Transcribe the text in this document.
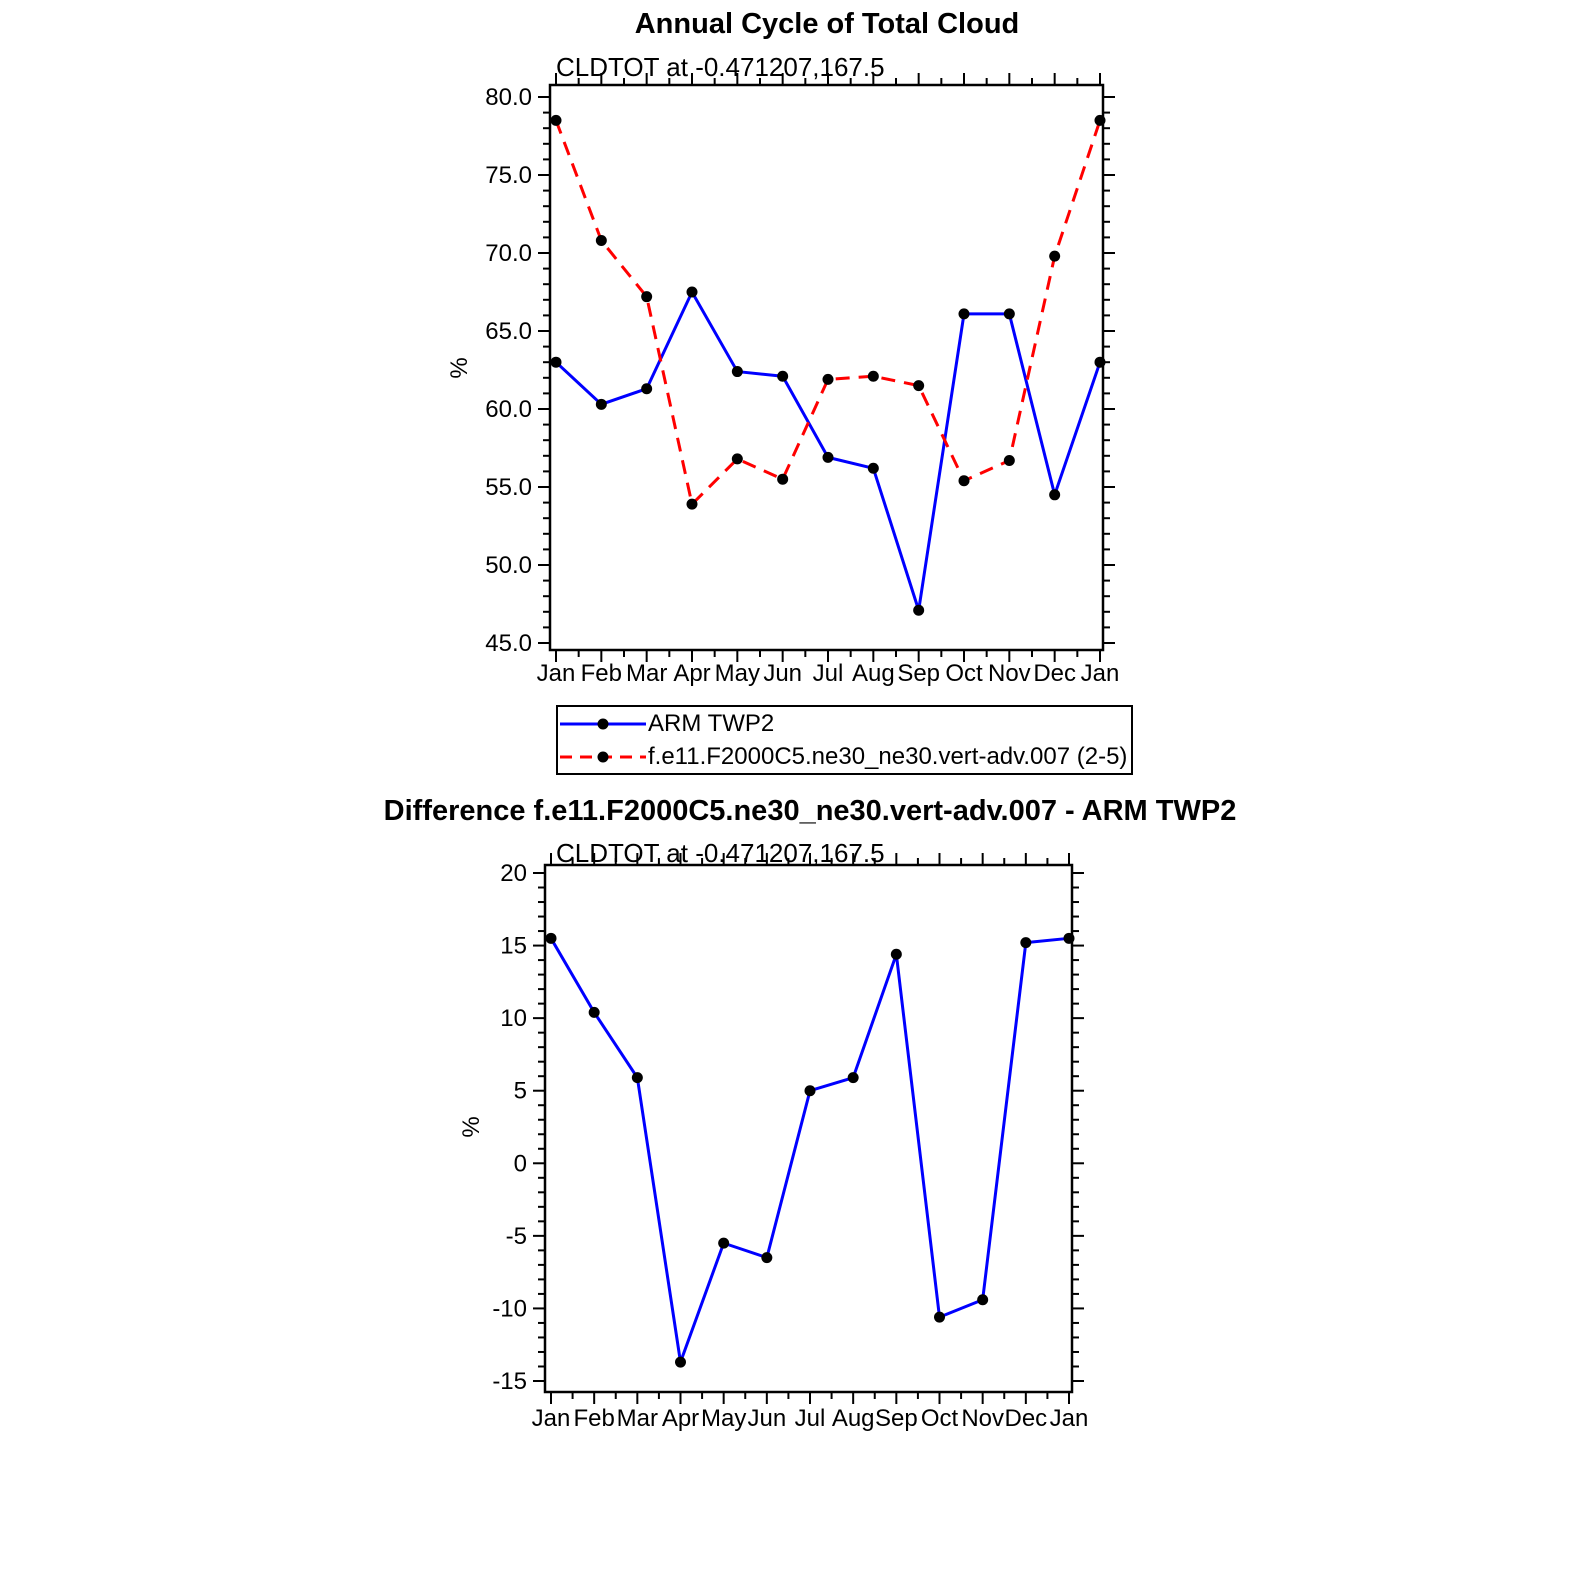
Annual Cycle of Total Cloud
CLDTOT at -0.471207,167.5
%
Difference f.e11.F2000C5.ne30_ne30.vert-adv.007 - ARM TWP2
CLDTOT at -0.471207,167.5
%
45.0
50.0
55.0
60.0
65.0
70.0
75.0
80.0
Jan Feb Mar Apr May Jun Jul Aug Sep Oct Nov Dec Jan
-15
-10
-5
0
5
10
15
20
Jan Feb Mar Apr May Jun Jul Aug Sep Oct Nov Dec Jan
ARM TWP2
f.e11.F2000C5.ne30_ne30.vert-adv.007 (2-5)
